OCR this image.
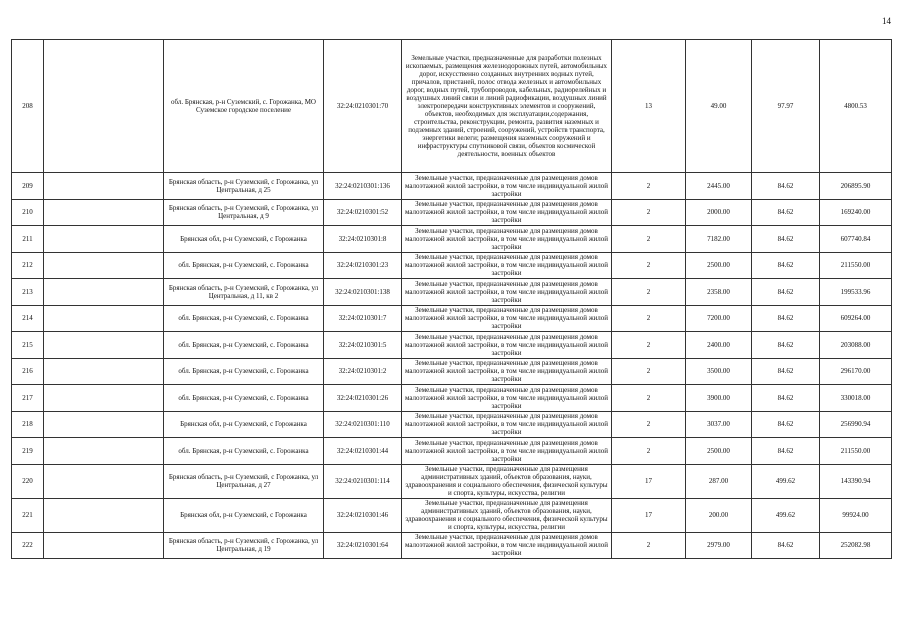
14
208		обл. Брянская, р-н Суземский, с. Горожанка, МО Суземское городское поселение	32:24:0210301:70	Земельные участки, предназначенные для разработки полезных ископаемых, размещения железнодорожных путей, автомобильных дорог, искусственно созданных внутренних водных путей, причалов, пристаней, полос отвода железных и автомобильных дорог, водных путей, трубопроводов, кабельных, радиорелейных и воздушных линий связи и линий радиофикации, воздушных линий электропередачи конструктивных элементов и сооружений, объектов, необходимых для эксплуатации,содержания, строительства, реконструкции, ремонта, развития наземных и подземных зданий, строений, сооружений, устройств транспорта, энергетики велеги; размещения наземных сооружений и инфраструктуры спутниковой связи, объектов космической деятельности, военных объектов	13	49.00	97.97	4800.53
209		Брянская область, р-н Суземский, с Горожанка, ул Центральная, д 25	32:24:0210301:136	Земельные участки, предназначенные для размещения домов малоэтажной жилой застройки, в том числе индивидуальной жилой застройки	2	2445.00	84.62	206895.90
210		Брянская область, р-н Суземский, с Горожанка, ул Центральная, д 9	32:24:0210301:52	Земельные участки, предназначенные для размещения домов малоэтажной жилой застройки, в том числе индивидуальной жилой застройки	2	2000.00	84.62	169240.00
211		Брянская обл, р-н Суземский, с Горожанка	32:24:0210301:8	Земельные участки, предназначенные для размещения домов малоэтажной жилой застройки, в том числе индивидуальной жилой застройки	2	7182.00	84.62	607740.84
212		обл. Брянская, р-н Суземский, с. Горожанка	32:24:0210301:23	Земельные участки, предназначенные для размещения домов малоэтажной жилой застройки, в том числе индивидуальной жилой застройки	2	2500.00	84.62	211550.00
213		Брянская область, р-н Суземский, с Горожанка, ул Центральная, д 11, кв 2	32:24:0210301:138	Земельные участки, предназначенные для размещения домов малоэтажной жилой застройки, в том числе индивидуальной жилой застройки	2	2358.00	84.62	199533.96
214		обл. Брянская, р-н Суземский, с. Горожанка	32:24:0210301:7	Земельные участки, предназначенные для размещения домов малоэтажной жилой застройки, в том числе индивидуальной жилой застройки	2	7200.00	84.62	609264.00
215		обл. Брянская, р-н Суземский, с. Горожанка	32:24:0210301:5	Земельные участки, предназначенные для размещения домов малоэтажной жилой застройки, в том числе индивидуальной жилой застройки	2	2400.00	84.62	203088.00
216		обл. Брянская, р-н Суземский, с. Горожанка	32:24:0210301:2	Земельные участки, предназначенные для размещения домов малоэтажной жилой застройки, в том числе индивидуальной жилой застройки	2	3500.00	84.62	296170.00
217		обл. Брянская, р-н Суземский, с. Горожанка	32:24:0210301:26	Земельные участки, предназначенные для размещения домов малоэтажной жилой застройки, в том числе индивидуальной жилой застройки	2	3900.00	84.62	330018.00
218		Брянская обл, р-н Суземский, с Горожанка	32:24:0210301:110	Земельные участки, предназначенные для размещения домов малоэтажной жилой застройки, в том числе индивидуальной жилой застройки	2	3037.00	84.62	256990.94
219		обл. Брянская, р-н Суземский, с. Горожанка	32:24:0210301:44	Земельные участки, предназначенные для размещения домов малоэтажной жилой застройки, в том числе индивидуальной жилой застройки	2	2500.00	84.62	211550.00
220		Брянская область, р-н Суземский, с Горожанка, ул Центральная, д 27	32:24:0210301:114	Земельные участки, предназначенные для размещения административных зданий, объектов образования, науки, здравоохранения и социального обеспечения, физической культуры и спорта, культуры, искусства, религии	17	287.00	499.62	143390.94
221		Брянская обл, р-н Суземский, с Горожанка	32:24:0210301:46	Земельные участки, предназначенные для размещения административных зданий, объектов образования, науки, здравоохранения и социального обеспечения, физической культуры и спорта, культуры, искусства, религии	17	200.00	499.62	99924.00
222		Брянская область, р-н Суземский, с Горожанка, ул Центральная, д 19	32:24:0210301:64	Земельные участки, предназначенные для размещения домов малоэтажной жилой застройки, в том числе индивидуальной жилой застройки	2	2979.00	84.62	252082.98
